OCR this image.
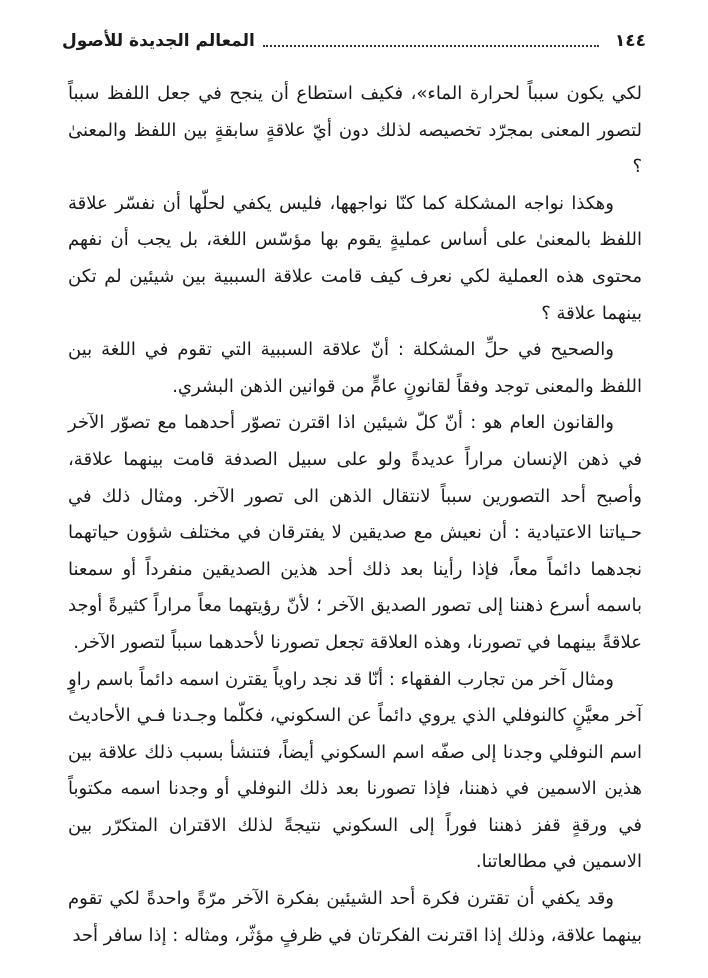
١٤٤
المعالم الجديدة للأصول

لكي يكون سبباً لحرارة الماء»، فكيف استطاع أن ينجح في جعل اللفظ سبباً لتصور المعنى بمجرّد تخصيصه لذلك دون أيّ علاقةٍ سابقةٍ بين اللفظ والمعنىٰ ؟

وهكذا نواجه المشكلة كما كنّا نواجهها، فليس يكفي لحلّها أن نفسّر علاقة اللفظ بالمعنىٰ على أساس عمليةٍ يقوم بها مؤسّس اللغة، بل يجب أن نفهم محتوى هذه العملية لكي نعرف كيف قامت علاقة السببية بين شيئين لم تكن بينهما علاقة ؟

والصحيح في حلِّ المشكلة : أنّ علاقة السببية التي تقوم في اللغة بين اللفظ والمعنى توجد وفقاً لقانونٍ عامٍّ من قوانين الذهن البشري.

والقانون العام هو : أنّ كلّ شيئين اذا اقترن تصوّر أحدهما مع تصوّر الآخر في ذهن الإنسان مراراً عديدةً ولو على سبيل الصدفة قامت بينهما علاقة، وأصبح أحد التصورين سبباً لانتقال الذهن الى تصور الآخر. ومثال ذلك في حـياتنا الاعتيادية : أن نعيش مع صديقين لا يفترقان في مختلف شؤون حياتهما نجدهما دائماً معاً، فإذا رأينا بعد ذلك أحد هذين الصديقين منفرداً أو سمعنا باسمه أسرع ذهننا إلى تصور الصديق الآخر ؛ لأنّ رؤيتهما معاً مراراً كثيرةً أوجد علاقةً بينهما في تصورنا، وهذه العلاقة تجعل تصورنا لأحدهما سبباً لتصور الآخر.

ومثال آخر من تجارب الفقهاء : أنّا قد نجد راوياً يقترن اسمه دائماً باسم راوٍ آخر معيَّنٍ كالنوفلي الذي يروي دائماً عن السكوني، فكلّما وجـدنا فـي الأحاديث اسم النوفلي وجدنا إلى صفّه اسم السكوني أيضاً، فتنشأ بسبب ذلك علاقة بين هذين الاسمين في ذهننا، فإذا تصورنا بعد ذلك النوفلي أو وجدنا اسمه مكتوباً في ورقةٍ قفز ذهننا فوراً إلى السكوني نتيجةً لذلك الاقتران المتكرّر بين الاسمين في مطالعاتنا.

وقد يكفي أن تقترن فكرة أحد الشيئين بفكرة الآخر مرّةً واحدةً لكي تقوم بينهما علاقة، وذلك إذا اقترنت الفكرتان في ظرفٍ مؤثّر، ومثاله : إذا سافر أحد
